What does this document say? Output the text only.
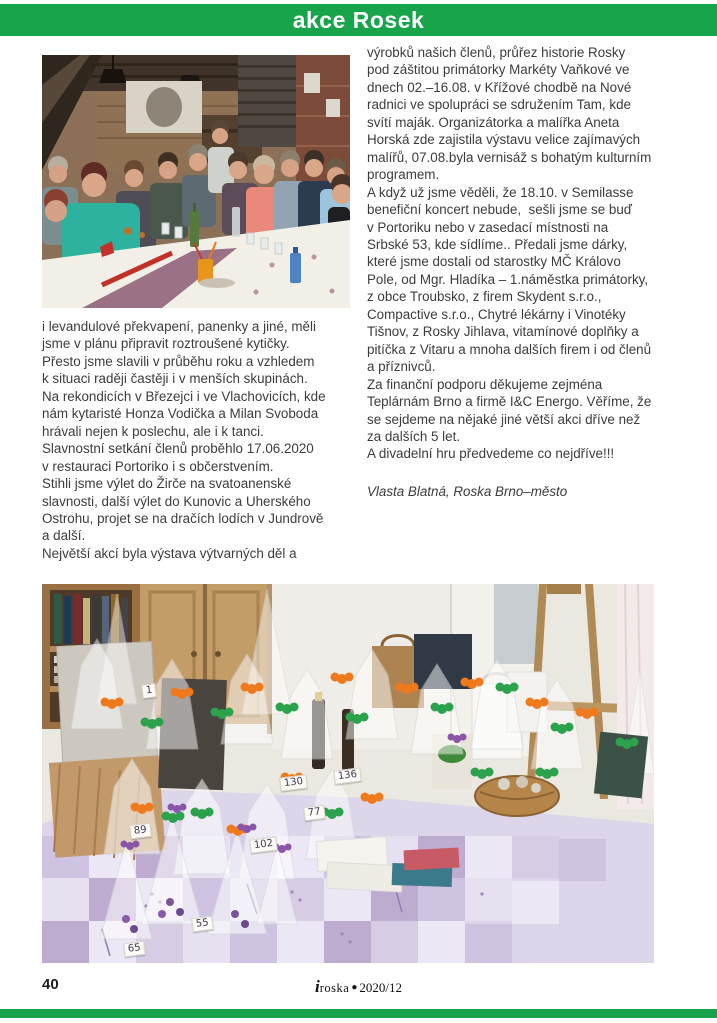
akce Rosek
i levandulové překvapení, panenky a jiné, měli
jsme v plánu připravit roztroušené kytičky.
Přesto jsme slavili v průběhu roku a vzhledem
k situaci raději častěji i v menších skupinách.
Na rekondicích v Březejci i ve Vlachovicích, kde
nám kytaristé Honza Vodička a Milan Svoboda
hrávali nejen k poslechu, ale i k tanci.
Slavnostní setkání členů proběhlo 17.06.2020
v restauraci Portoriko i s občerstvením.
Stihli jsme výlet do Žirče na svatoanenské
slavnosti, další výlet do Kunovic a Uherského
Ostrohu, projet se na dračích lodích v Jundrově
a další.
Největší akcí byla výstava výtvarných děl a
výrobků našich členů, průřez historie Rosky
pod záštitou primátorky Markéty Vaňkové ve
dnech 02.–16.08. v Křížové chodbě na Nové
radnici ve spolupráci se sdružením Tam, kde
svítí maják. Organizátorka a malířka Aneta
Horská zde zajistila výstavu velice zajímavých
malířů, 07.08.byla vernisáž s bohatým kulturním
programem.
A když už jsme věděli, že 18.10. v Semilasse
benefiční koncert nebude,  sešli jsme se buď
v Portoriku nebo v zasedací místnosti na
Srbské 53, kde sídlíme.. Předali jsme dárky,
které jsme dostali od starostky MČ Královo
Pole, od Mgr. Hladíka – 1.náměstka primátorky,
z obce Troubsko, z firem Skydent s.r.o.,
Compactive s.r.o., Chytré lékárny i Vinotéky
Tišnov, z Rosky Jihlava, vitamínové doplňky a
pitíčka z Vitaru a mnoha dalších firem i od členů
a příznivců.
Za finanční podporu děkujeme zejména
Teplárnám Brno a firmě I&C Energo. Věříme, že
se sejdeme na nějaké jiné větší akci dříve než
za dalších 5 let.
A divadelní hru předvedeme co nejdříve!!!
Vlasta Blatná, Roska Brno–město
1
130
136
77
102
89
55
65
40	iroska ● 2020/12
